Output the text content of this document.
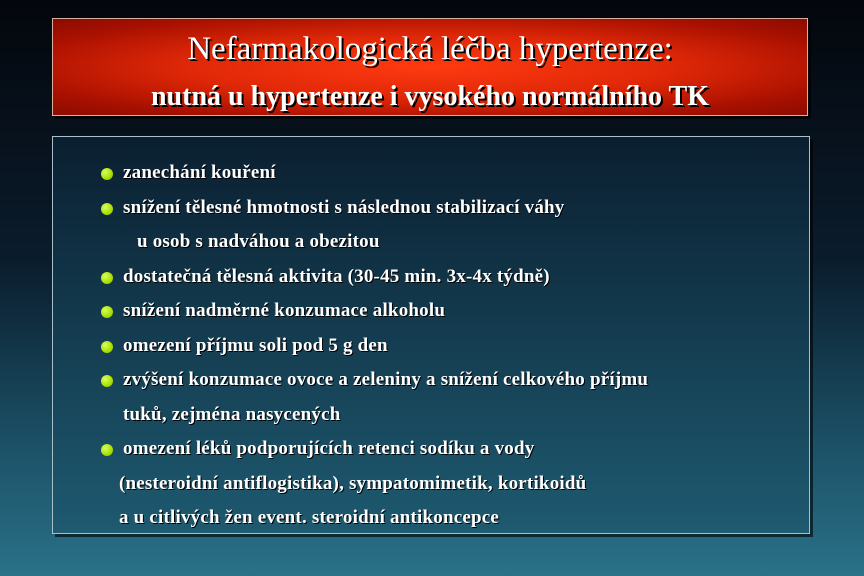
Nefarmakologická léčba hypertenze:
nutná u hypertenze i vysokého normálního TK
zanechání kouření
snížení tělesné hmotnosti s následnou stabilizací váhy
u osob s nadváhou a obezitou
dostatečná tělesná aktivita (30-45 min. 3x-4x týdně)
snížení nadměrné konzumace alkoholu
omezení příjmu soli pod 5 g den
zvýšení konzumace ovoce a zeleniny a snížení celkového příjmu
tuků, zejména nasycených
omezení léků podporujících retenci sodíku a vody
(nesteroidní antiflogistika), sympatomimetik, kortikoidů
a u citlivých žen event. steroidní antikoncepce
